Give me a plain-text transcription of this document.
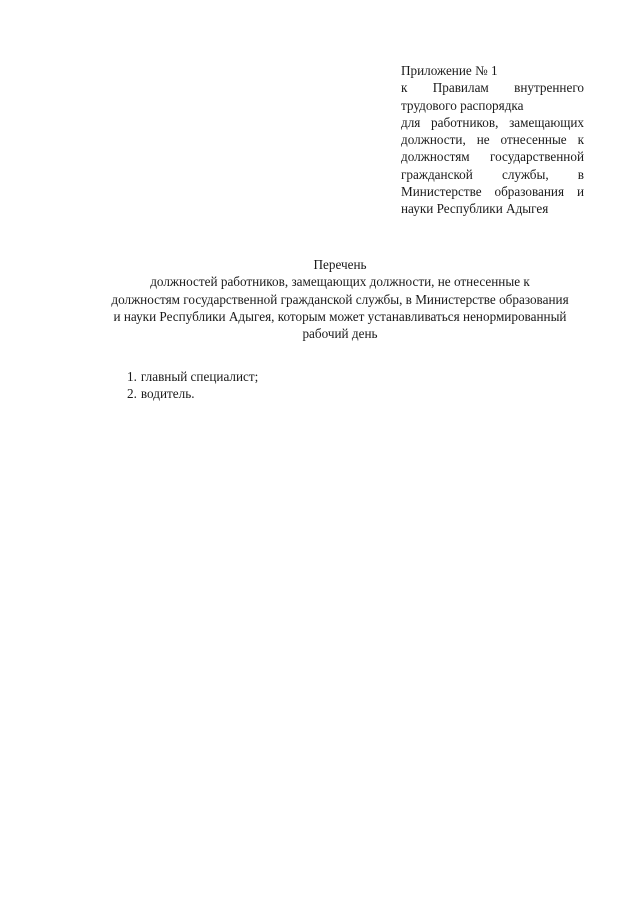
Приложение № 1
к Правилам внутреннего
трудового распорядка
для работников, замещающих
должности, не отнесенные к
должностям государственной
гражданской службы, в
Министерстве образования и
науки Республики Адыгея
Перечень
должностей работников, замещающих должности, не отнесенные к
должностям государственной гражданской службы, в Министерстве образования
и науки Республики Адыгея, которым может устанавливаться ненормированный
рабочий день
1. главный специалист;
2. водитель.
